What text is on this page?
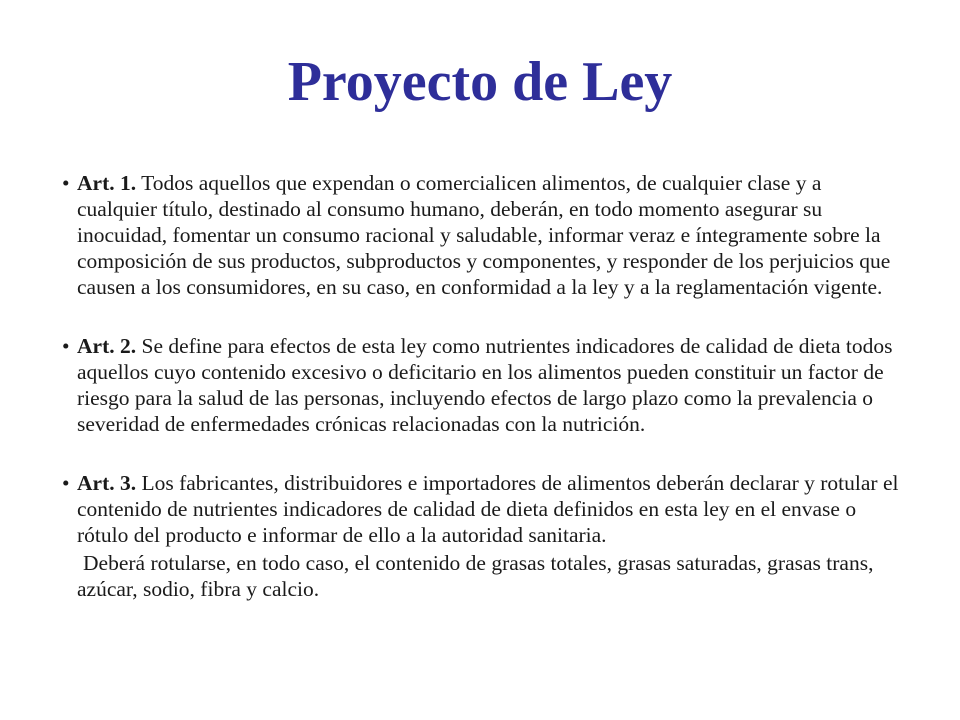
Proyecto de Ley
• Art. 1. Todos aquellos que expendan o comercialicen alimentos, de cualquier clase y a cualquier título, destinado al consumo humano, deberán, en todo momento asegurar su inocuidad, fomentar un consumo racional y saludable, informar veraz e íntegramente sobre la composición de sus productos, subproductos y componentes, y responder de los perjuicios que causen a los consumidores, en su caso, en conformidad a la ley y a la reglamentación vigente.
• Art. 2. Se define para efectos de esta ley como nutrientes indicadores de calidad de dieta todos aquellos cuyo contenido excesivo o deficitario en los alimentos pueden constituir un factor de riesgo para la salud de las personas, incluyendo efectos de largo plazo como la prevalencia o severidad de enfermedades crónicas relacionadas con la nutrición.
• Art. 3. Los fabricantes, distribuidores e importadores de alimentos deberán declarar y rotular el contenido de nutrientes indicadores de calidad de dieta definidos en esta ley en el envase o rótulo del producto e informar de ello a la autoridad sanitaria.
Deberá rotularse, en todo caso, el contenido de grasas totales, grasas saturadas, grasas trans, azúcar, sodio, fibra y calcio.
